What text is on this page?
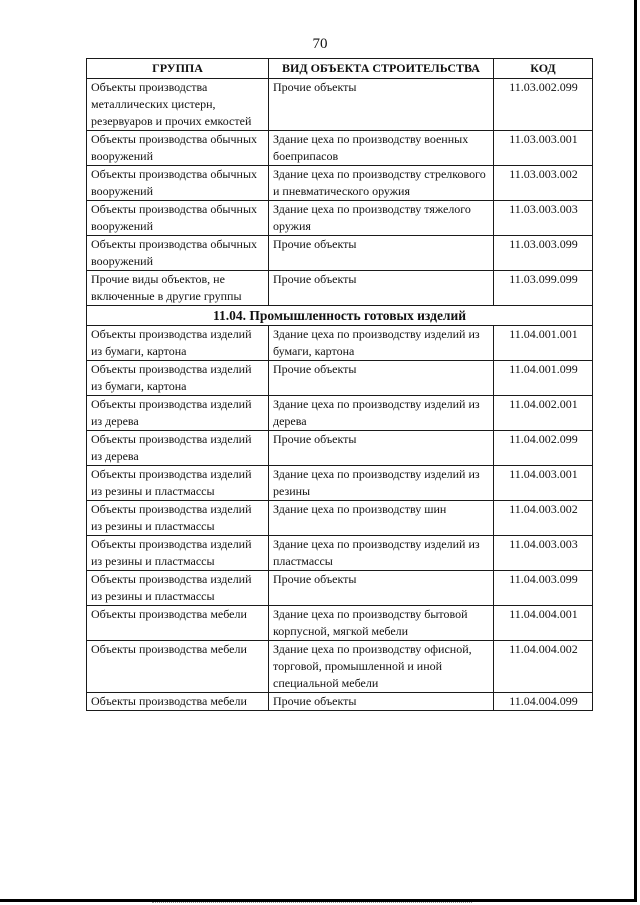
70
ГРУППА	ВИД ОБЪЕКТА СТРОИТЕЛЬСТВА	КОД
Объекты производства металлических цистерн, резервуаров и прочих емкостей	Прочие объекты	11.03.002.099
Объекты производства обычных вооружений	Здание цеха по производству военных боеприпасов	11.03.003.001
Объекты производства обычных вооружений	Здание цеха по производству стрелкового и пневматического оружия	11.03.003.002
Объекты производства обычных вооружений	Здание цеха по производству тяжелого оружия	11.03.003.003
Объекты производства обычных вооружений	Прочие объекты	11.03.003.099
Прочие виды объектов, не включенные в другие группы	Прочие объекты	11.03.099.099
11.04. Промышленность готовых изделий		
Объекты производства изделий из бумаги, картона	Здание цеха по производству изделий из бумаги, картона	11.04.001.001
Объекты производства изделий из бумаги, картона	Прочие объекты	11.04.001.099
Объекты производства изделий из дерева	Здание цеха по производству изделий из дерева	11.04.002.001
Объекты производства изделий из дерева	Прочие объекты	11.04.002.099
Объекты производства изделий из резины и пластмассы	Здание цеха по производству изделий из резины	11.04.003.001
Объекты производства изделий из резины и пластмассы	Здание цеха по производству шин	11.04.003.002
Объекты производства изделий из резины и пластмассы	Здание цеха по производству изделий из пластмассы	11.04.003.003
Объекты производства изделий из резины и пластмассы	Прочие объекты	11.04.003.099
Объекты производства мебели	Здание цеха по производству бытовой корпусной, мягкой мебели	11.04.004.001
Объекты производства мебели	Здание цеха по производству офисной, торговой, промышленной и иной специальной мебели	11.04.004.002
Объекты производства мебели	Прочие объекты	11.04.004.099
